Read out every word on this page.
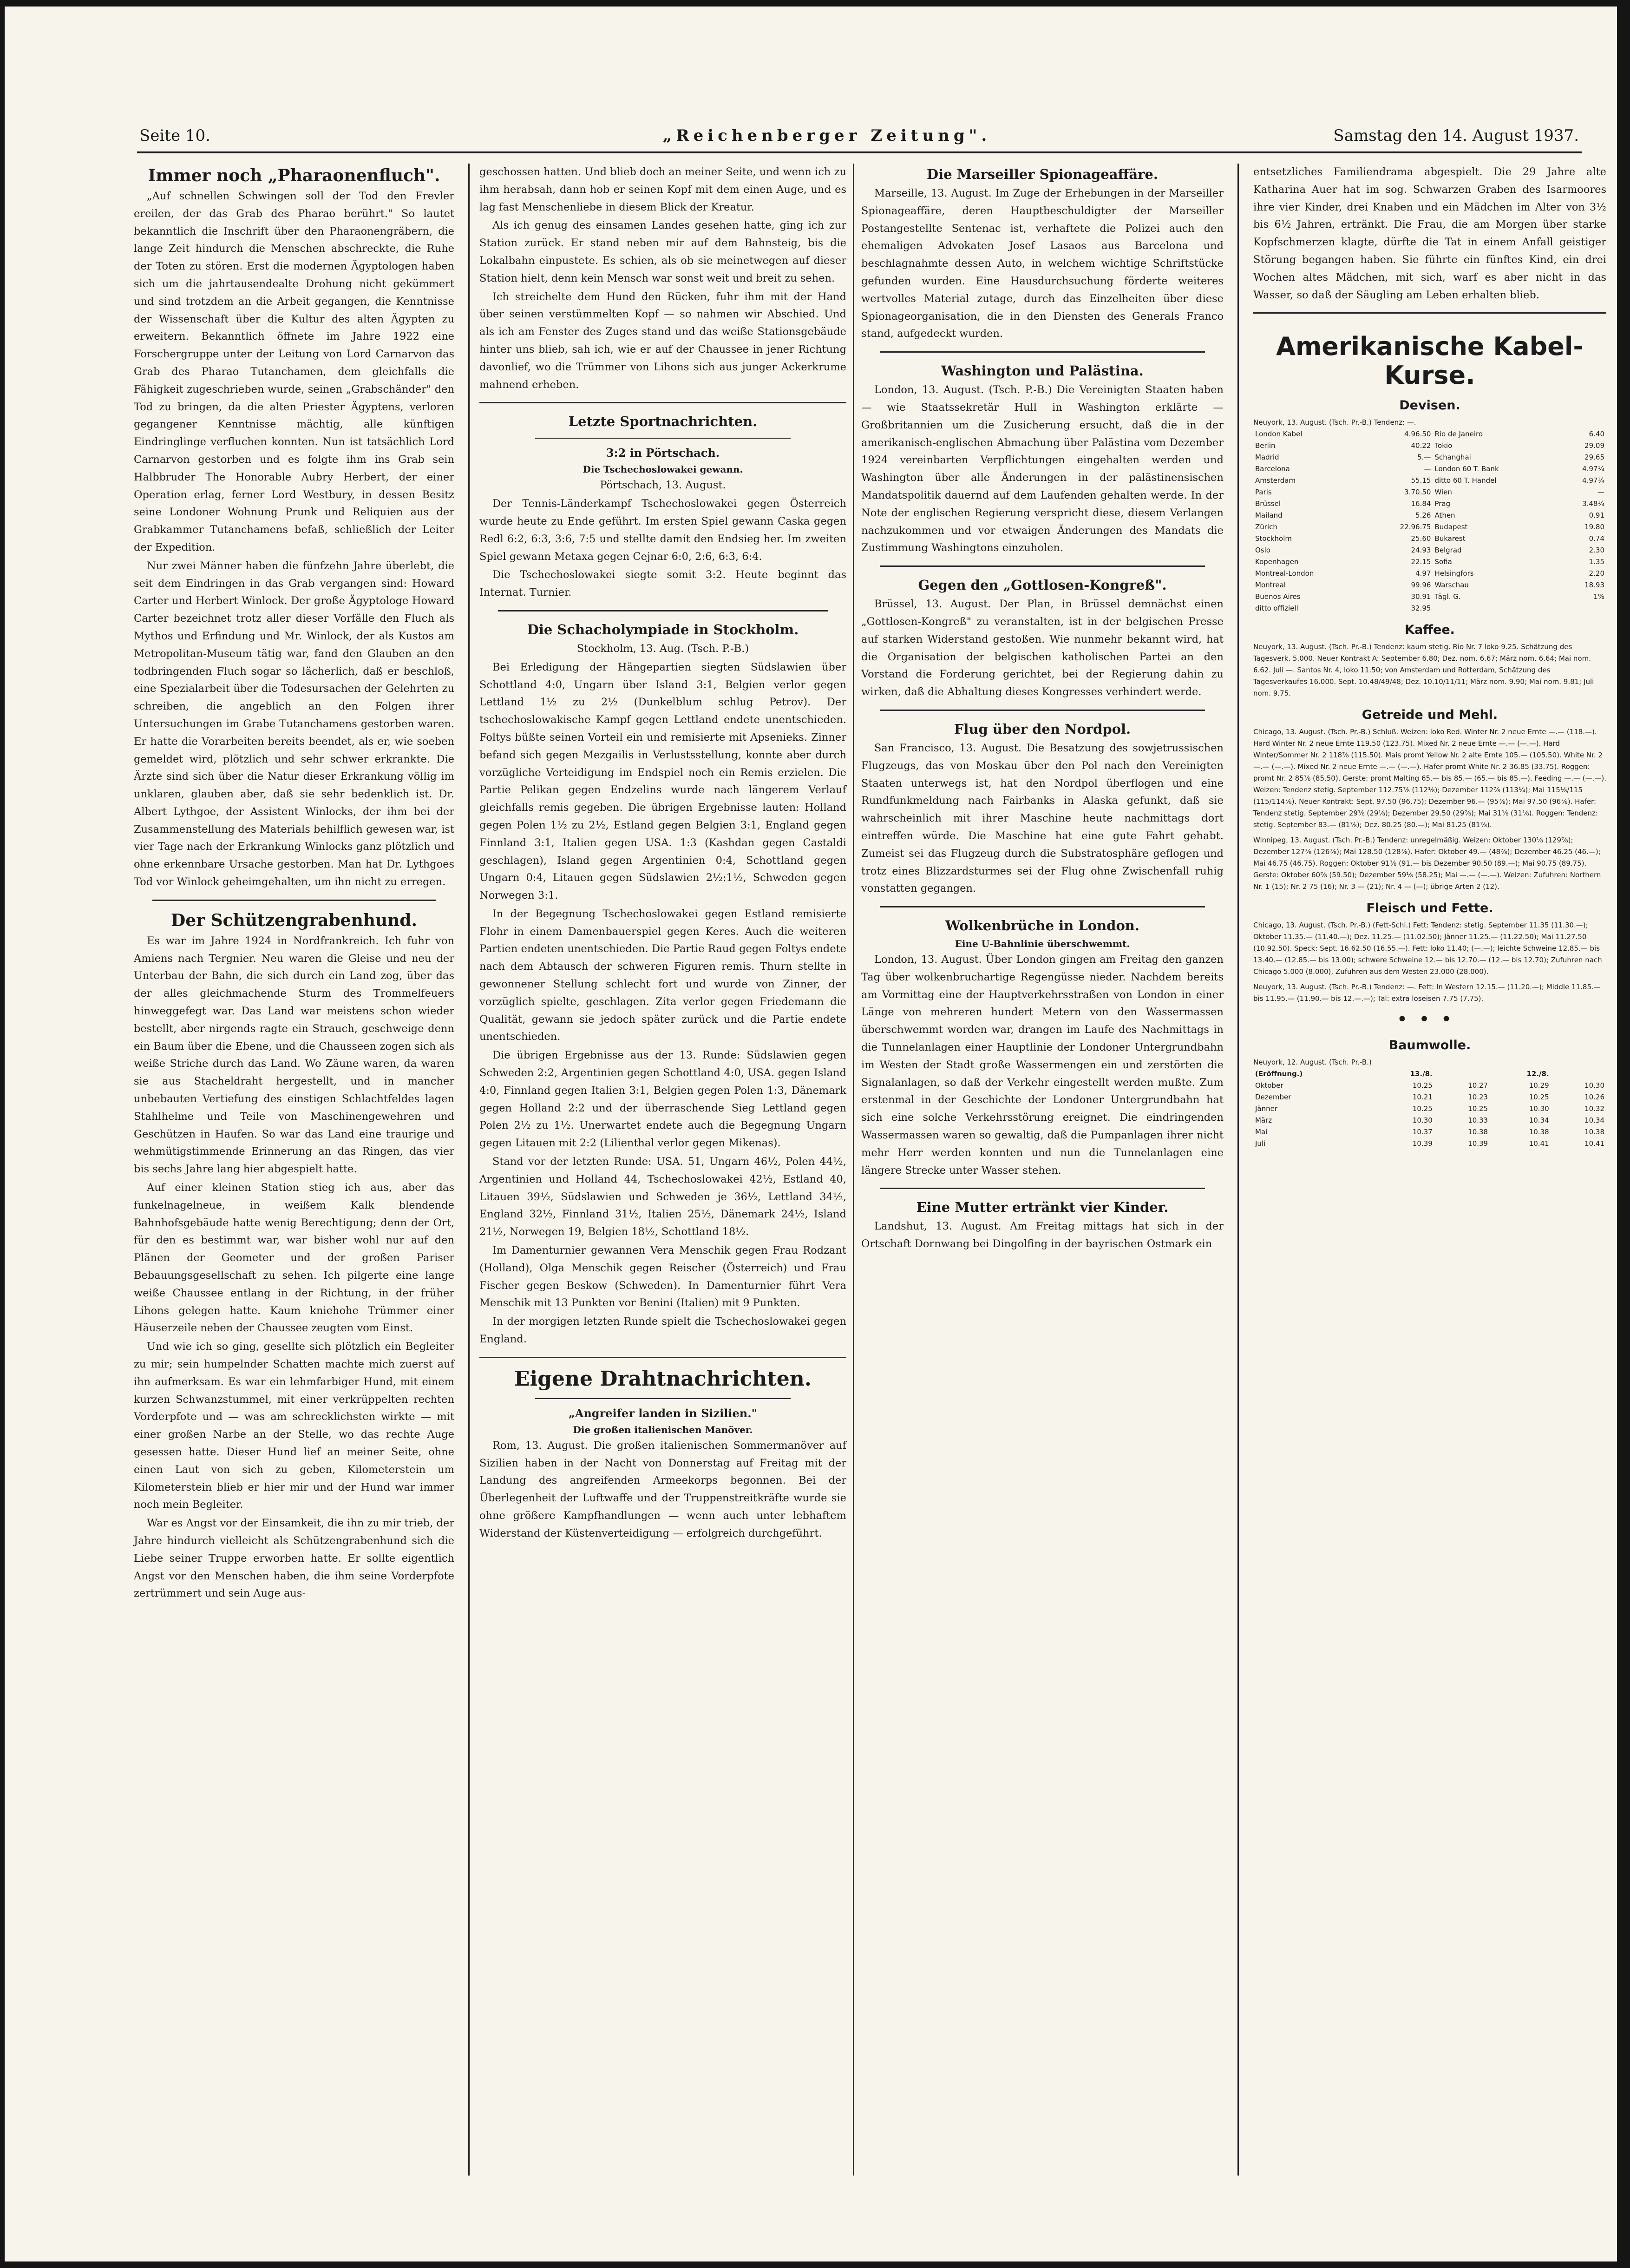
Seite 10.	„Reichenberger Zeitung".	Samstag den 14. August 1937.
Immer noch „Pharaonenfluch".

„Auf schnellen Schwingen soll der Tod den Frevler ereilen, der das Grab des Pharao berührt." So lautet bekanntlich die Inschrift über den Pharaonengräbern, die lange Zeit hindurch die Menschen abschreckte, die Ruhe der Toten zu stören. Erst die modernen Ägyptologen haben sich um die jahrtausendealte Drohung nicht gekümmert und sind trotzdem an die Arbeit gegangen, die Kenntnisse der Wissenschaft über die Kultur des alten Ägypten zu erweitern. Bekanntlich öffnete im Jahre 1922 eine Forschergruppe unter der Leitung von Lord Carnarvon das Grab des Pharao Tutanchamen, dem gleichfalls die Fähigkeit zugeschrieben wurde, seinen „Grabschänder" den Tod zu bringen, da die alten Priester Ägyptens, verloren gegangener Kenntnisse mächtig, alle künftigen Eindringlinge verfluchen konnten. Nun ist tatsächlich Lord Carnarvon gestorben und es folgte ihm ins Grab sein Halbbruder The Honorable Aubry Herbert, der einer Operation erlag, ferner Lord Westbury, in dessen Besitz seine Londoner Wohnung Prunk und Reliquien aus der Grabkammer Tutanchamens befaß, schließlich der Leiter der Expedition.

Nur zwei Männer haben die fünfzehn Jahre überlebt, die seit dem Eindringen in das Grab vergangen sind: Howard Carter und Herbert Winlock. Der große Ägyptologe Howard Carter bezeichnet trotz aller dieser Vorfälle den Fluch als Mythos und Erfindung und Mr. Winlock, der als Kustos am Metropolitan-Museum tätig war, fand den Glauben an den todbringenden Fluch sogar so lächerlich, daß er beschloß, eine Spezialarbeit über die Todesursachen der Gelehrten zu schreiben, die angeblich an den Folgen ihrer Untersuchungen im Grabe Tutanchamens gestorben waren. Er hatte die Vorarbeiten bereits beendet, als er, wie soeben gemeldet wird, plötzlich und sehr schwer erkrankte. Die Ärzte sind sich über die Natur dieser Erkrankung völlig im unklaren, glauben aber, daß sie sehr bedenklich ist. Dr. Albert Lythgoe, der Assistent Winlocks, der ihm bei der Zusammenstellung des Materials behilflich gewesen war, ist vier Tage nach der Erkrankung Winlocks ganz plötzlich und ohne erkennbare Ursache gestorben. Man hat Dr. Lythgoes Tod vor Winlock geheimgehalten, um ihn nicht zu erregen.

Der Schützengrabenhund.

Es war im Jahre 1924 in Nordfrankreich. Ich fuhr von Amiens nach Tergnier. Neu waren die Gleise und neu der Unterbau der Bahn, die sich durch ein Land zog, über das der alles gleichmachende Sturm des Trommelfeuers hinweggefegt war. Das Land war meistens schon wieder bestellt, aber nirgends ragte ein Strauch, geschweige denn ein Baum über die Ebene, und die Chausseen zogen sich als weiße Striche durch das Land. Wo Zäune waren, da waren sie aus Stacheldraht hergestellt, und in mancher unbebauten Vertiefung des einstigen Schlachtfeldes lagen Stahlhelme und Teile von Maschinengewehren und Geschützen in Haufen. So war das Land eine traurige und wehmütigstimmende Erinnerung an das Ringen, das vier bis sechs Jahre lang hier abgespielt hatte.

Auf einer kleinen Station stieg ich aus, aber das funkelnagelneue, in weißem Kalk blendende Bahnhofsgebäude hatte wenig Berechtigung; denn der Ort, für den es bestimmt war, war bisher wohl nur auf den Plänen der Geometer und der großen Pariser Bebauungsgesellschaft zu sehen. Ich pilgerte eine lange weiße Chaussee entlang in der Richtung, in der früher Lihons gelegen hatte. Kaum kniehohe Trümmer einer Häuserzeile neben der Chaussee zeugten vom Einst.

Und wie ich so ging, gesellte sich plötzlich ein Begleiter zu mir; sein humpelnder Schatten machte mich zuerst auf ihn aufmerksam. Es war ein lehmfarbiger Hund, mit einem kurzen Schwanzstummel, mit einer verkrüppelten rechten Vorderpfote und — was am schrecklichsten wirkte — mit einer großen Narbe an der Stelle, wo das rechte Auge gesessen hatte. Dieser Hund lief an meiner Seite, ohne einen Laut von sich zu geben, Kilometerstein um Kilometerstein blieb er hier mir und der Hund war immer noch mein Begleiter.

War es Angst vor der Einsamkeit, die ihn zu mir trieb, der Jahre hindurch vielleicht als Schützengrabenhund sich die Liebe seiner Truppe erworben hatte. Er sollte eigentlich Angst vor den Menschen haben, die ihm seine Vorderpfote zertrümmert und sein Auge aus-

geschossen hatten. Und blieb doch an meiner Seite, und wenn ich zu ihm herabsah, dann hob er seinen Kopf mit dem einen Auge, und es lag fast Menschenliebe in diesem Blick der Kreatur.

Als ich genug des einsamen Landes gesehen hatte, ging ich zur Station zurück. Er stand neben mir auf dem Bahnsteig, bis die Lokalbahn einpustete. Es schien, als ob sie meinetwegen auf dieser Station hielt, denn kein Mensch war sonst weit und breit zu sehen.

Ich streichelte dem Hund den Rücken, fuhr ihm mit der Hand über seinen verstümmelten Kopf — so nahmen wir Abschied. Und als ich am Fenster des Zuges stand und das weiße Stationsgebäude hinter uns blieb, sah ich, wie er auf der Chaussee in jener Richtung davonlief, wo die Trümmer von Lihons sich aus junger Ackerkrume mahnend erheben.

Letzte Sportnachrichten.
3:2 in Pörtschach.
Die Tschechoslowakei gewann.

Pörtschach, 13. August.

Der Tennis-Länderkampf Tschechoslowakei gegen Österreich wurde heute zu Ende geführt. Im ersten Spiel gewann Caska gegen Redl 6:2, 6:3, 3:6, 7:5 und stellte damit den Endsieg her. Im zweiten Spiel gewann Metaxa gegen Cejnar 6:0, 2:6, 6:3, 6:4.

Die Tschechoslowakei siegte somit 3:2. Heute beginnt das Internat. Turnier.

Die Schacholympiade in Stockholm.

Stockholm, 13. Aug. (Tsch. P.-B.)

Bei Erledigung der Hängepartien siegten Südslawien über Schottland 4:0, Ungarn über Island 3:1, Belgien verlor gegen Lettland 1½ zu 2½ (Dunkelblum schlug Petrov). Der tschechoslowakische Kampf gegen Lettland endete unentschieden. Foltys büßte seinen Vorteil ein und remisierte mit Apsenieks. Zinner befand sich gegen Mezgailis in Verlustsstellung, konnte aber durch vorzügliche Verteidigung im Endspiel noch ein Remis erzielen. Die Partie Pelikan gegen Endzelins wurde nach längerem Verlauf gleichfalls remis gegeben. Die übrigen Ergebnisse lauten: Holland gegen Polen 1½ zu 2½, Estland gegen Belgien 3:1, England gegen Finnland 3:1, Italien gegen USA. 1:3 (Kashdan gegen Castaldi geschlagen), Island gegen Argentinien 0:4, Schottland gegen Ungarn 0:4, Litauen gegen Südslawien 2½:1½, Schweden gegen Norwegen 3:1.

In der Begegnung Tschechoslowakei gegen Estland remisierte Flohr in einem Damenbauerspiel gegen Keres. Auch die weiteren Partien endeten unentschieden. Die Partie Raud gegen Foltys endete nach dem Abtausch der schweren Figuren remis. Thurn stellte in gewonnener Stellung schlecht fort und wurde von Zinner, der vorzüglich spielte, geschlagen. Zita verlor gegen Friedemann die Qualität, gewann sie jedoch später zurück und die Partie endete unentschieden.

Die übrigen Ergebnisse aus der 13. Runde: Südslawien gegen Schweden 2:2, Argentinien gegen Schottland 4:0, USA. gegen Island 4:0, Finnland gegen Italien 3:1, Belgien gegen Polen 1:3, Dänemark gegen Holland 2:2 und der überraschende Sieg Lettland gegen Polen 2½ zu 1½. Unerwartet endete auch die Begegnung Ungarn gegen Litauen mit 2:2 (Lilienthal verlor gegen Mikenas).

Stand vor der letzten Runde: USA. 51, Ungarn 46½, Polen 44½, Argentinien und Holland 44, Tschechoslowakei 42½, Estland 40, Litauen 39½, Südslawien und Schweden je 36½, Lettland 34½, England 32½, Finnland 31½, Italien 25½, Dänemark 24½, Island 21½, Norwegen 19, Belgien 18½, Schottland 18½.

Im Damenturnier gewannen Vera Menschik gegen Frau Rodzant (Holland), Olga Menschik gegen Reischer (Österreich) und Frau Fischer gegen Beskow (Schweden). In Damenturnier führt Vera Menschik mit 13 Punkten vor Benini (Italien) mit 9 Punkten.

In der morgigen letzten Runde spielt die Tschechoslowakei gegen England.

Eigene Drahtnachrichten.
„Angreifer landen in Sizilien."
Die großen italienischen Manöver.

Rom, 13. August. Die großen italienischen Sommermanöver auf Sizilien haben in der Nacht von Donnerstag auf Freitag mit der Landung des angreifenden Armeekorps begonnen. Bei der Überlegenheit der Luftwaffe und der Truppenstreitkräfte wurde sie ohne größere Kampfhandlungen — wenn auch unter lebhaftem Widerstand der Küstenverteidigung — erfolgreich durchgeführt.

Die Marseiller Spionageaffäre.

Marseille, 13. August. Im Zuge der Erhebungen in der Marseiller Spionageaffäre, deren Hauptbeschuldigter der Marseiller Postangestellte Sentenac ist, verhaftete die Polizei auch den ehemaligen Advokaten Josef Lasaos aus Barcelona und beschlagnahmte dessen Auto, in welchem wichtige Schriftstücke gefunden wurden. Eine Hausdurchsuchung förderte weiteres wertvolles Material zutage, durch das Einzelheiten über diese Spionageorganisation, die in den Diensten des Generals Franco stand, aufgedeckt wurden.

Washington und Palästina.

London, 13. August. (Tsch. P.-B.) Die Vereinigten Staaten haben — wie Staatssekretär Hull in Washington erklärte — Großbritannien um die Zusicherung ersucht, daß die in der amerikanisch-englischen Abmachung über Palästina vom Dezember 1924 vereinbarten Verpflichtungen eingehalten werden und Washington über alle Änderungen in der palästinensischen Mandatspolitik dauernd auf dem Laufenden gehalten werde. In der Note der englischen Regierung verspricht diese, diesem Verlangen nachzukommen und vor etwaigen Änderungen des Mandats die Zustimmung Washingtons einzuholen.

Gegen den „Gottlosen-Kongreß".

Brüssel, 13. August. Der Plan, in Brüssel demnächst einen „Gottlosen-Kongreß" zu veranstalten, ist in der belgischen Presse auf starken Widerstand gestoßen. Wie nunmehr bekannt wird, hat die Organisation der belgischen katholischen Partei an den Vorstand die Forderung gerichtet, bei der Regierung dahin zu wirken, daß die Abhaltung dieses Kongresses verhindert werde.

Flug über den Nordpol.

San Francisco, 13. August. Die Besatzung des sowjetrussischen Flugzeugs, das von Moskau über den Pol nach den Vereinigten Staaten unterwegs ist, hat den Nordpol überflogen und eine Rundfunkmeldung nach Fairbanks in Alaska gefunkt, daß sie wahrscheinlich mit ihrer Maschine heute nachmittags dort eintreffen würde. Die Maschine hat eine gute Fahrt gehabt. Zumeist sei das Flugzeug durch die Substratosphäre geflogen und trotz eines Blizzardsturmes sei der Flug ohne Zwischenfall ruhig vonstatten gegangen.

Wolkenbrüche in London.
Eine U-Bahnlinie überschwemmt.

London, 13. August. Über London gingen am Freitag den ganzen Tag über wolkenbruchartige Regengüsse nieder. Nachdem bereits am Vormittag eine der Hauptverkehrsstraßen von London in einer Länge von mehreren hundert Metern von den Wassermassen überschwemmt worden war, drangen im Laufe des Nachmittags in die Tunnelanlagen einer Hauptlinie der Londoner Untergrundbahn im Westen der Stadt große Wassermengen ein und zerstörten die Signalanlagen, so daß der Verkehr eingestellt werden mußte. Zum erstenmal in der Geschichte der Londoner Untergrundbahn hat sich eine solche Verkehrsstörung ereignet. Die eindringenden Wassermassen waren so gewaltig, daß die Pumpanlagen ihrer nicht mehr Herr werden konnten und nun die Tunnelanlagen eine längere Strecke unter Wasser stehen.

Eine Mutter ertränkt vier Kinder.

Landshut, 13. August. Am Freitag mittags hat sich in der Ortschaft Dornwang bei Dingolfing in der bayrischen Ostmark ein

entsetzliches Familiendrama abgespielt. Die 29 Jahre alte Katharina Auer hat im sog. Schwarzen Graben des Isarmoores ihre vier Kinder, drei Knaben und ein Mädchen im Alter von 3½ bis 6½ Jahren, ertränkt. Die Frau, die am Morgen über starke Kopfschmerzen klagte, dürfte die Tat in einem Anfall geistiger Störung begangen haben. Sie führte ein fünftes Kind, ein drei Wochen altes Mädchen, mit sich, warf es aber nicht in das Wasser, so daß der Säugling am Leben erhalten blieb.

Amerikanische Kabel-Kurse.
Devisen.
Neuyork, 13. August. (Tsch. Pr.-B.) Tendenz: —.
London Kabel	4.96.50	Rio de Janeiro	6.40
Berlin	40.22	Tokio	29.09
Madrid	5.—	Schanghai	29.65
Barcelona	—	London 60 T. Bank	4.97¼
Amsterdam	55.15	ditto 60 T. Handel	4.97¼
Paris	3.70.50	Wien	—
Brüssel	16.84	Prag	3.48¼
Mailand	5.26	Athen	0.91
Zürich	22.96.75	Budapest	19.80
Stockholm	25.60	Bukarest	0.74
Oslo	24.93	Belgrad	2.30
Kopenhagen	22.15	Sofia	1.35
Montreal-London	4.97	Helsingfors	2.20
Montreal	99.96	Warschau	18.93
Buenos Aires	30.91	Tägl. G.	1%
ditto offiziell	32.95		
Kaffee.
Neuyork, 13. August. (Tsch. Pr.-B.) Tendenz: kaum stetig. Rio Nr. 7 loko 9.25. Schätzung des Tagesverk. 5.000. Neuer Kontrakt A: September 6.80; Dez. nom. 6.67; März nom. 6.64; Mai nom. 6.62. Juli —. Santos Nr. 4, loko 11.50; von Amsterdam und Rotterdam, Schätzung des Tagesverkaufes 16.000. Sept. 10.48/49/48; Dez. 10.10/11/11; März nom. 9.90; Mai nom. 9.81; Juli nom. 9.75.
Getreide und Mehl.
Chicago, 13. August. (Tsch. Pr.-B.) Schluß. Weizen: loko Red. Winter Nr. 2 neue Ernte —.— (118.—). Hard Winter Nr. 2 neue Ernte 119.50 (123.75). Mixed Nr. 2 neue Ernte —.— (—.—). Hard Winter/Sommer Nr. 2 118⅞ (115.50). Mais promt Yellow Nr. 2 alte Ernte 105.— (105.50). White Nr. 2 —.— (—.—). Mixed Nr. 2 neue Ernte —.— (—.—). Hafer promt White Nr. 2 36.85 (33.75). Roggen: promt Nr. 2 85⅞ (85.50). Gerste: promt Malting 65.— bis 85.— (65.— bis 85.—). Feeding —.— (—.—).
Weizen: Tendenz stetig. September 112.75⅞ (112⅛); Dezember 112⅞ (113¼); Mai 115⅛/115 (115/114⅞). Neuer Kontrakt: Sept. 97.50 (96.75); Dezember 96.— (95⅞); Mai 97.50 (96⅞). Hafer: Tendenz stetig. September 29⅛ (29⅛); Dezember 29.50 (29⅞); Mai 31⅛ (31⅛). Roggen: Tendenz: stetig. September 83.— (81⅞); Dez. 80.25 (80.—); Mai 81.25 (81⅞).
Winnipeg, 13. August. (Tsch. Pr.-B.) Tendenz: unregelmäßig. Weizen: Oktober 130⅛ (129⅞); Dezember 127⅞ (126⅞); Mai 128.50 (128⅞). Hafer: Oktober 49.— (48⅞); Dezember 46.25 (46.—); Mai 46.75 (46.75). Roggen: Oktober 91⅜ (91.— bis Dezember 90.50 (89.—); Mai 90.75 (89.75). Gerste: Oktober 60⅞ (59.50); Dezember 59⅛ (58.25); Mai —.— (—.—). Weizen: Zufuhren: Northern Nr. 1 (15); Nr. 2 75 (16); Nr. 3 — (21); Nr. 4 — (—); übrige Arten 2 (12).
Fleisch und Fette.
Chicago, 13. August. (Tsch. Pr.-B.) (Fett-Schl.) Fett: Tendenz: stetig. September 11.35 (11.30.—); Oktober 11.35.— (11.40.—); Dez. 11.25.— (11.02.50); Jänner 11.25.— (11.22.50); Mai 11.27.50 (10.92.50). Speck: Sept. 16.62.50 (16.55.—). Fett: loko 11.40; (—.—); leichte Schweine 12.85.— bis 13.40.— (12.85.— bis 13.00); schwere Schweine 12.— bis 12.70.— (12.— bis 12.70); Zufuhren nach Chicago 5.000 (8.000), Zufuhren aus dem Westen 23.000 (28.000).
Neuyork, 13. August. (Tsch. Pr.-B.) Tendenz: —. Fett: In Western 12.15.— (11.20.—); Middle 11.85.— bis 11.95.— (11.90.— bis 12.—.—); Tal: extra loseisen 7.75 (7.75).
•••
Baumwolle.
Neuyork, 12. August. (Tsch. Pr.-B.)
(Eröffnung.)	13./8.		12./8.	
Oktober	10.25	10.27	10.29	10.30
Dezember	10.21	10.23	10.25	10.26
Jänner	10.25	10.25	10.30	10.32
März	10.30	10.33	10.34	10.34
Mai	10.37	10.38	10.38	10.38
Juli	10.39	10.39	10.41	10.41
